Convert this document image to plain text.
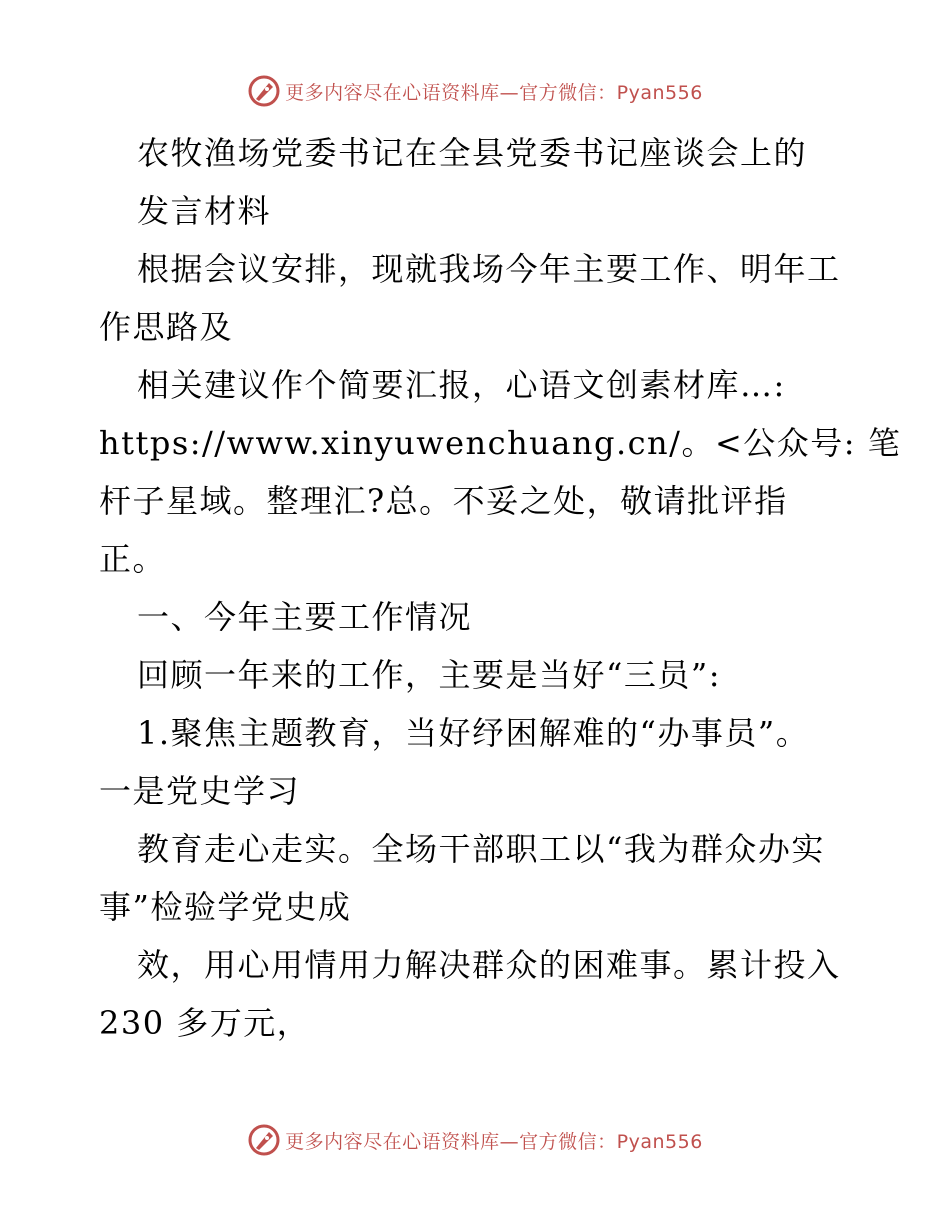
更多内容尽在心语资料库—官方微信：Pyan556
农牧渔场党委书记在全县党委书记座谈会上的
发言材料
根据会议安排，现就我场今年主要工作、明年工
作思路及
相关建议作个简要汇报，心语文创素材库…:
https://www.xinyuwenchuang.cn/。<公众号: 笔
杆子星域。整理汇?总。不妥之处，敬请批评指
正。
一、今年主要工作情况
回顾一年来的工作，主要是当好“三员”:
1.聚焦主题教育，当好纾困解难的“办事员”。
一是党史学习
教育走心走实。全场干部职工以“我为群众办实
事”检验学党史成
效，用心用情用力解决群众的困难事。累计投入
230 多万元，
更多内容尽在心语资料库—官方微信：Pyan556
